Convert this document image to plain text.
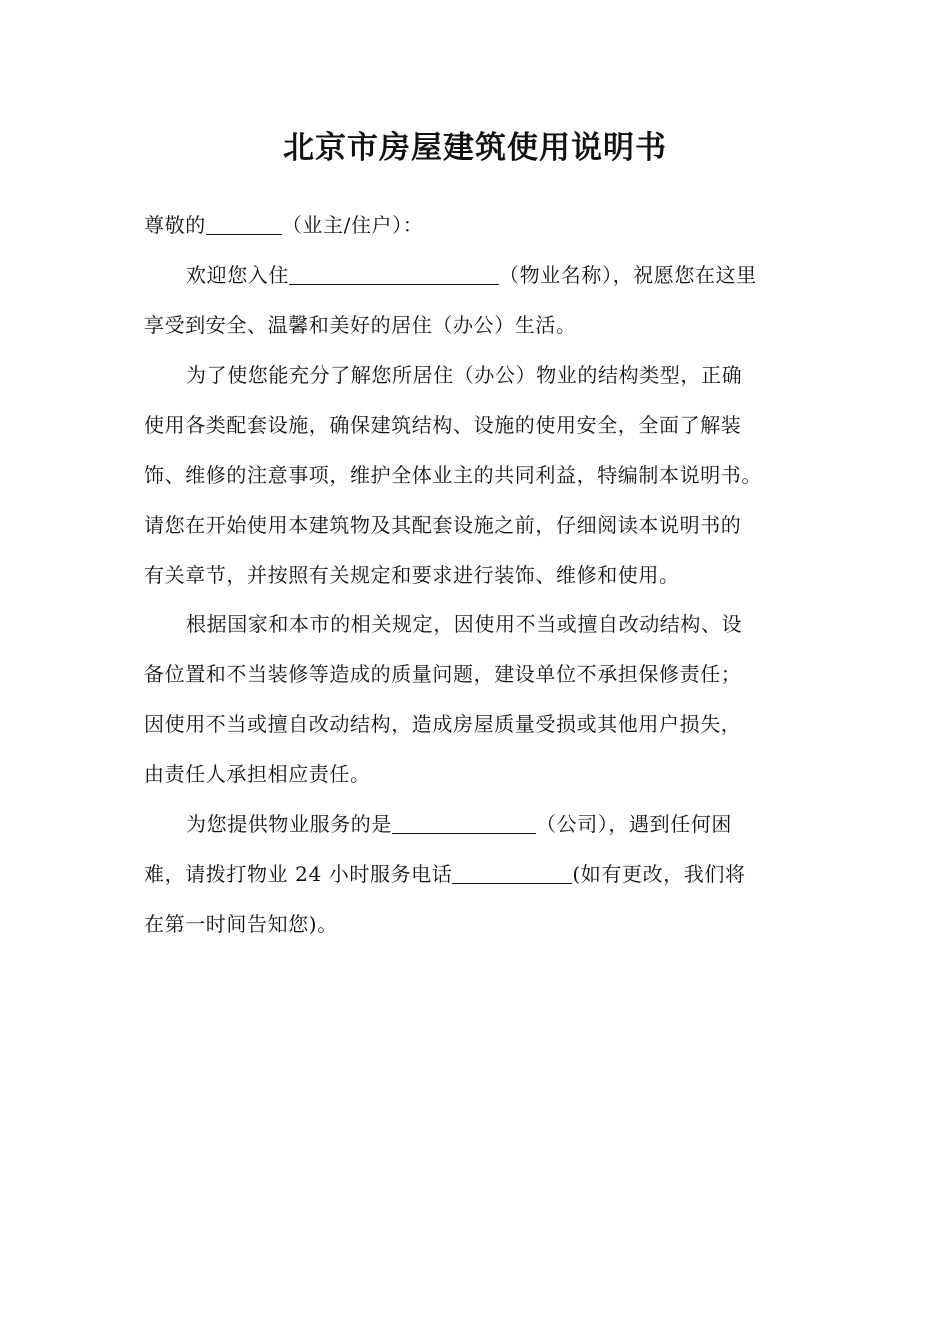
北京市房屋建筑使用说明书
尊敬的	（业主/住户）：
欢迎您入住	（物业名称），祝愿您在这里
享受到安全、温馨和美好的居住（办公）生活。
为了使您能充分了解您所居住（办公）物业的结构类型，正确
使用各类配套设施，确保建筑结构、设施的使用安全，全面了解装
饰、维修的注意事项，维护全体业主的共同利益，特编制本说明书。
请您在开始使用本建筑物及其配套设施之前，仔细阅读本说明书的
有关章节，并按照有关规定和要求进行装饰、维修和使用。
根据国家和本市的相关规定，因使用不当或擅自改动结构、设
备位置和不当装修等造成的质量问题，建设单位不承担保修责任；
因使用不当或擅自改动结构，造成房屋质量受损或其他用户损失，
由责任人承担相应责任。
为您提供物业服务的是	（公司），遇到任何困
难，请拨打物业 24 小时服务电话	(如有更改，我们将
在第一时间告知您)。
